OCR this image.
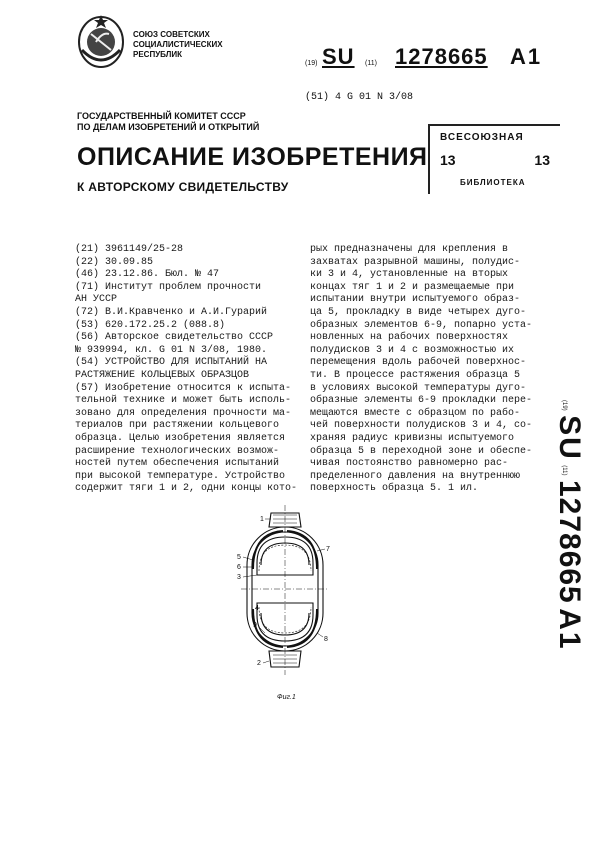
СОЮЗ СОВЕТСКИХ
СОЦИАЛИСТИЧЕСКИХ
РЕСПУБЛИК
(19) SU (11) 1278665 A1
(51) 4 G 01 N 3/08
ГОСУДАРСТВЕННЫЙ КОМИТЕТ СССР
ПО ДЕЛАМ ИЗОБРЕТЕНИЙ И ОТКРЫТИЙ
ОПИСАНИЕ ИЗОБРЕТЕНИЯ
К АВТОРСКОМУ СВИДЕТЕЛЬСТВУ
ВСЕСОЮЗНАЯ
13	13
БИБЛИОТЕКА
(21) 3961149/25-28
(22) 30.09.85
(46) 23.12.86. Бюл. № 47
(71) Институт проблем прочности
АН УССР
(72) В.И.Кравченко и А.И.Гурарий
(53) 620.172.25.2 (088.8)
(56) Авторское свидетельство СССР
№ 939994, кл. G 01 N 3/08, 1980.
(54) УСТРОЙСТВО ДЛЯ ИСПЫТАНИЙ НА
РАСТЯЖЕНИЕ КОЛЬЦЕВЫХ ОБРАЗЦОВ
(57) Изобретение относится к испыта-
тельной технике и может быть исполь-
зовано для определения прочности ма-
териалов при растяжении кольцевого
образца. Целью изобретения является
расширение технологических возмож-
ностей путем обеспечения испытаний
при высокой температуре. Устройство
содержит тяги 1 и 2, одни концы кото-
рых предназначены для крепления в
захватах разрывной машины, полудис-
ки 3 и 4, установленные на вторых
концах тяг 1 и 2 и размещаемые при
испытании внутри испытуемого образ-
ца 5, прокладку в виде четырех дуго-
образных элементов 6-9, попарно уста-
новленных на рабочих поверхностях
полудисков 3 и 4 с возможностью их
перемещения вдоль рабочей поверхнос-
ти. В процессе растяжения образца 5
в условиях высокой температуры дуго-
образные элементы 6-9 прокладки пере-
мещаются вместе с образцом по рабо-
чей поверхности полудисков 3 и 4, со-
храняя радиус кривизны испытуемого
образца 5 в переходной зоне и обеспе-
чивая постоянство равномерно рас-
пределенного давления на внутреннюю
поверхность образца 5. 1 ил.
(19) SU (11) 1278665 A1
1
5
6
3
7
8
9
4
2
Фиг.1
